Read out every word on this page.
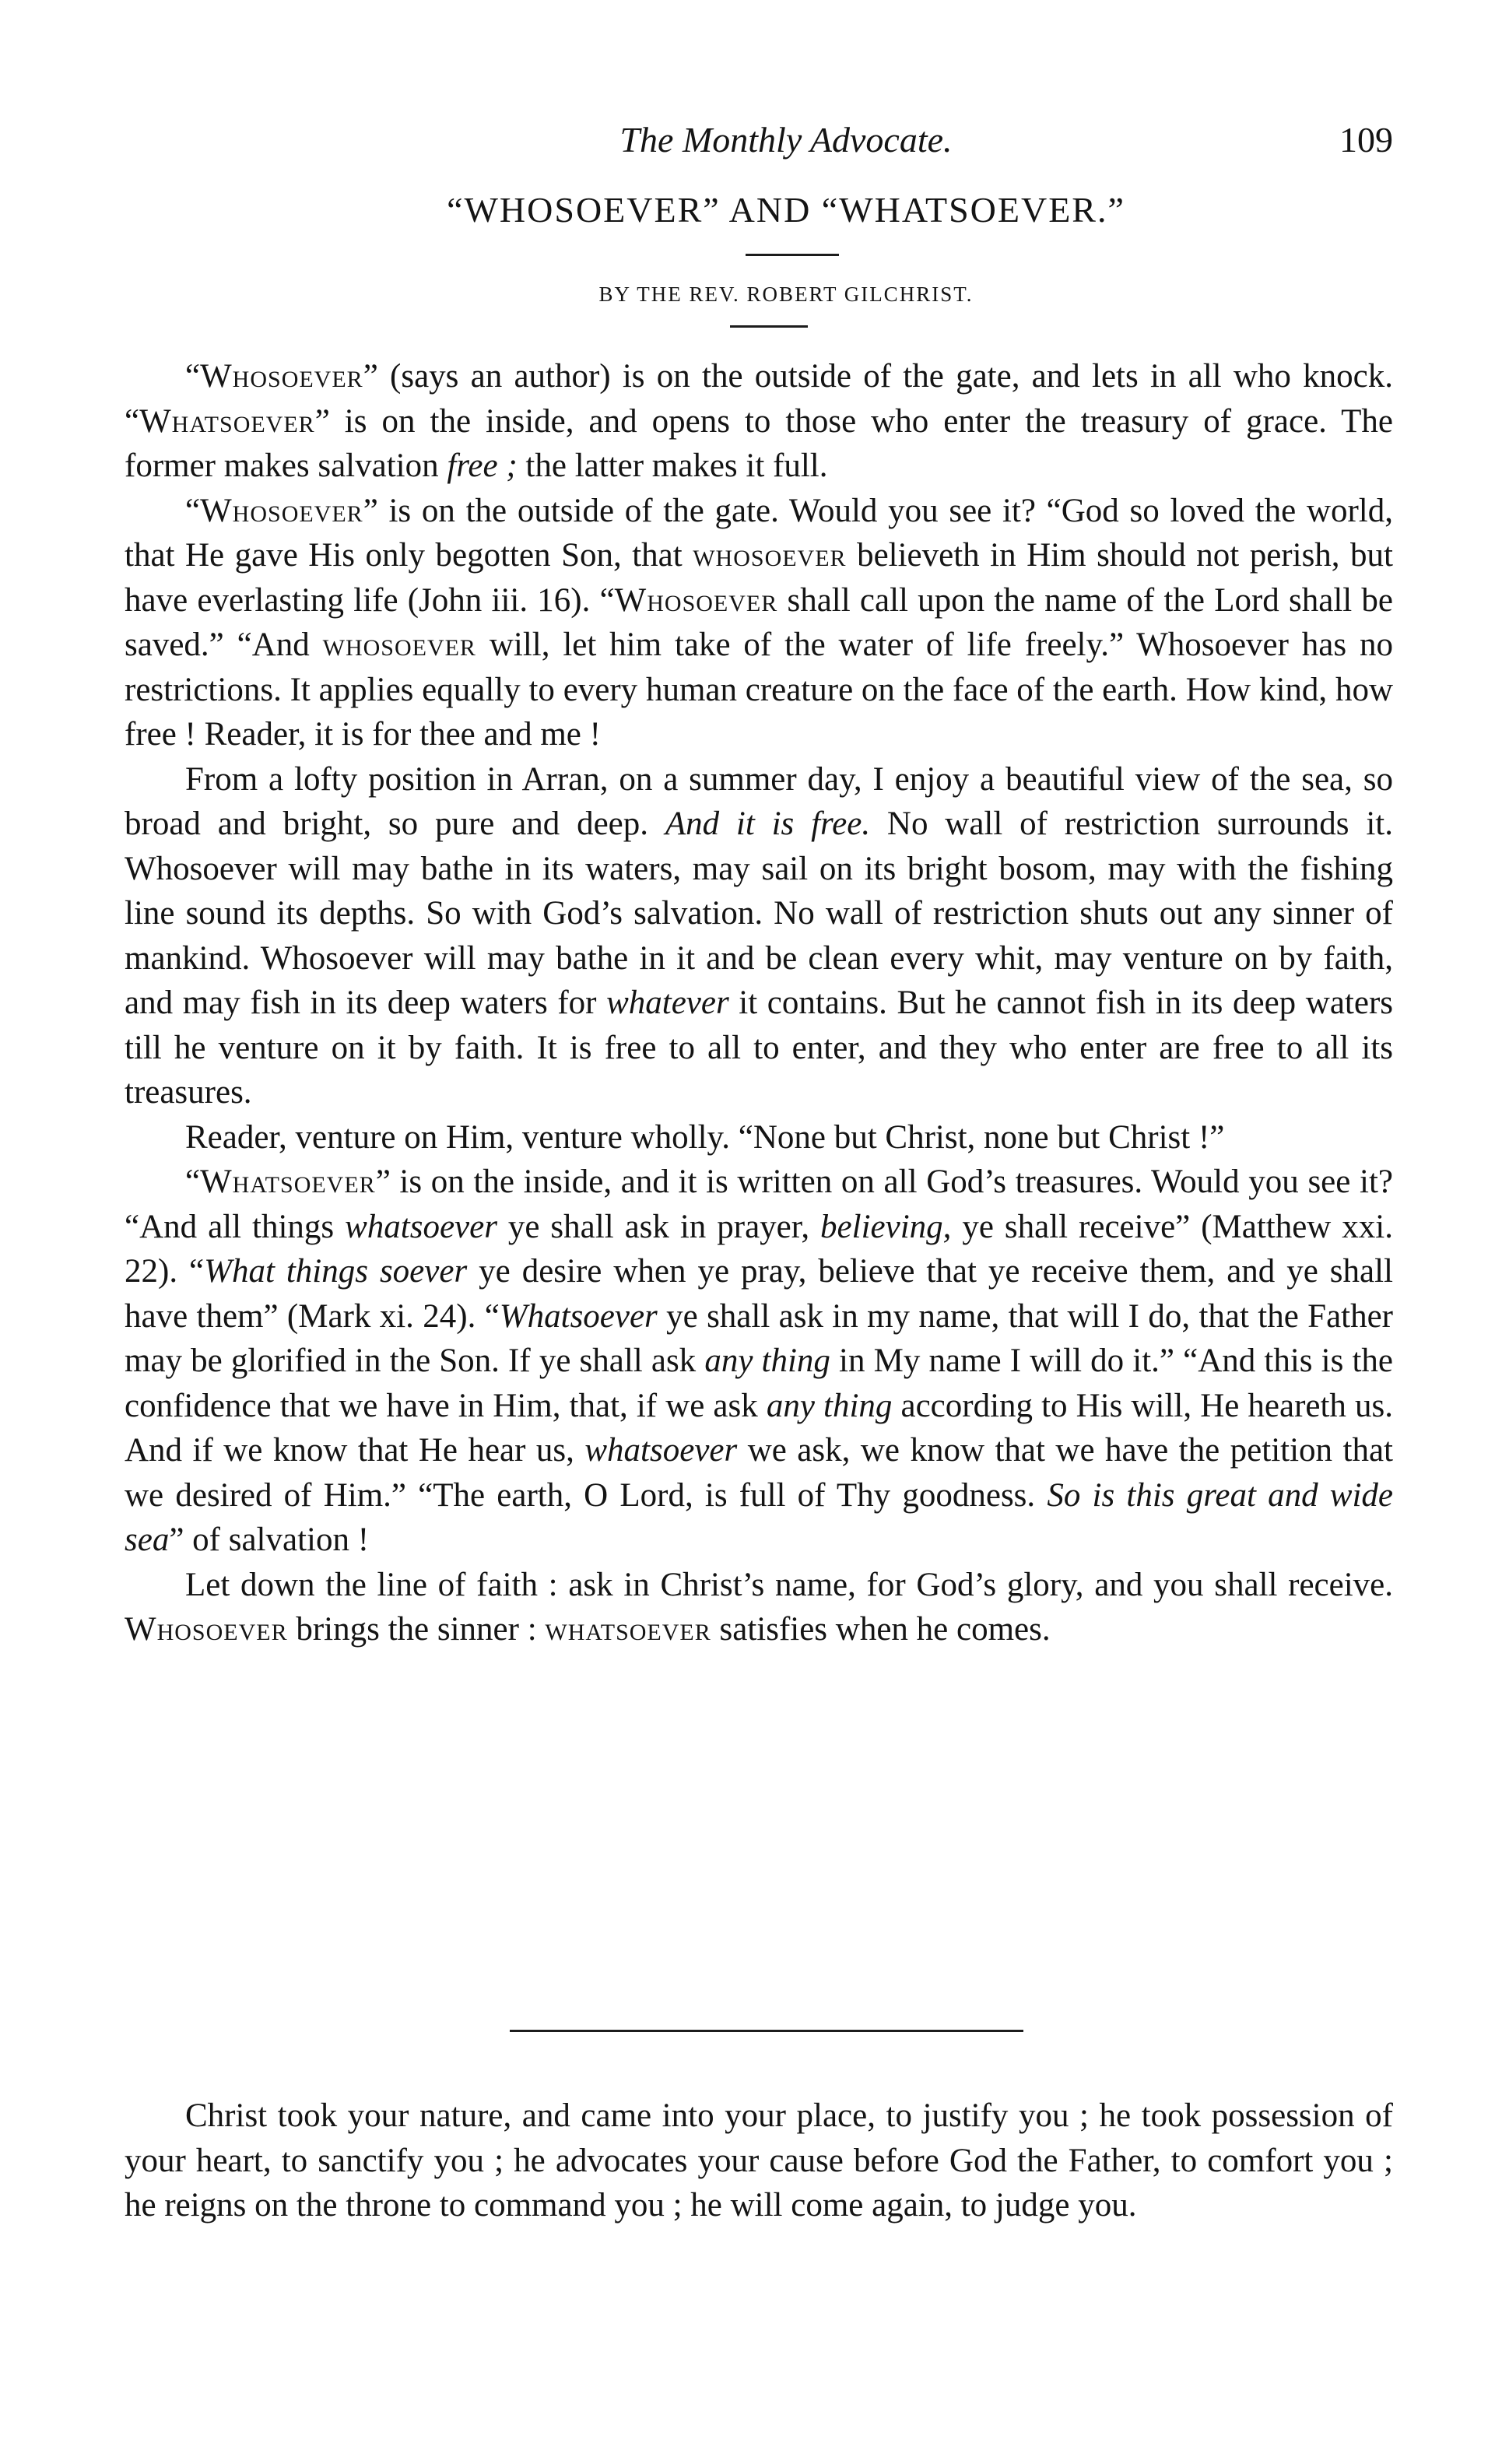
The Monthly Advocate.	109
“WHOSOEVER” AND “WHATSOEVER.”
BY THE REV. ROBERT GILCHRIST.

“Whosoever” (says an author) is on the outside of the gate, and lets in all who knock. “Whatsoever” is on the inside, and opens to those who enter the treasury of grace. The former makes salvation free ; the latter makes it full.

“Whosoever” is on the outside of the gate. Would you see it? “God so loved the world, that He gave His only begotten Son, that whosoever believeth in Him should not perish, but have everlasting life (John iii. 16). “Whosoever shall call upon the name of the Lord shall be saved.” “And whosoever will, let him take of the water of life freely.” Whosoever has no restrictions. It applies equally to every human creature on the face of the earth. How kind, how free ! Reader, it is for thee and me !

From a lofty position in Arran, on a summer day, I enjoy a beautiful view of the sea, so broad and bright, so pure and deep. And it is free. No wall of restriction surrounds it. Whosoever will may bathe in its waters, may sail on its bright bosom, may with the fishing line sound its depths. So with God’s salvation. No wall of restriction shuts out any sinner of mankind. Whosoever will may bathe in it and be clean every whit, may venture on by faith, and may fish in its deep waters for whatever it contains. But he cannot fish in its deep waters till he venture on it by faith. It is free to all to enter, and they who enter are free to all its treasures.

Reader, venture on Him, venture wholly. “None but Christ, none but Christ !”

“Whatsoever” is on the inside, and it is written on all God’s treasures. Would you see it? “And all things whatsoever ye shall ask in prayer, believing, ye shall receive” (Matthew xxi. 22). “What things soever ye desire when ye pray, believe that ye receive them, and ye shall have them” (Mark xi. 24). “Whatsoever ye shall ask in my name, that will I do, that the Father may be glorified in the Son. If ye shall ask any thing in My name I will do it.” “And this is the confidence that we have in Him, that, if we ask any thing according to His will, He heareth us. And if we know that He hear us, whatsoever we ask, we know that we have the petition that we desired of Him.” “The earth, O Lord, is full of Thy goodness. So is this great and wide sea” of salvation !

Let down the line of faith : ask in Christ’s name, for God’s glory, and you shall receive. Whosoever brings the sinner : whatsoever satisfies when he comes.

Christ took your nature, and came into your place, to justify you ; he took possession of your heart, to sanctify you ; he advocates your cause before God the Father, to comfort you ; he reigns on the throne to command you ; he will come again, to judge you.
